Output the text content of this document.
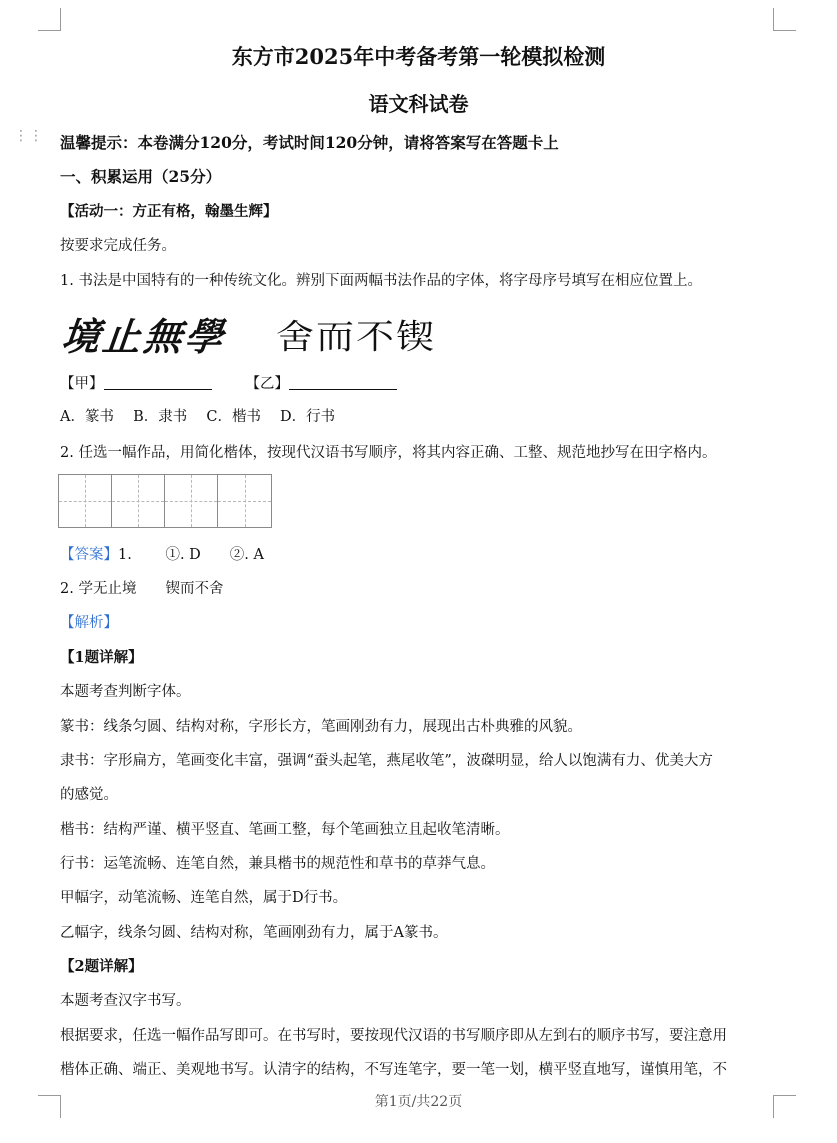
⋮⋮
东方市2025年中考备考第一轮模拟检测
语文科试卷
温馨提示：本卷满分120分，考试时间120分钟，请将答案写在答题卡上
一、积累运用（25分）
【活动一：方正有格，翰墨生辉】
按要求完成任务。
1. 书法是中国特有的一种传统文化。辨别下面两幅书法作品的字体，将字母序号填写在相应位置上。
境止無學 舍而不锲
【甲】	【乙】
A．篆书　 B．隶书　 C．楷书　 D．行书
2. 任选一幅作品，用简化楷体，按现代汉语书写顺序，将其内容正确、工整、规范地抄写在田字格内。
【答案】1.　　 ①. D　　②. A
2. 学无止境　　锲而不舍
【解析】
【1题详解】
本题考查判断字体。
篆书：线条匀圆、结构对称，字形长方，笔画刚劲有力，展现出古朴典雅的风貌。
隶书：字形扁方，笔画变化丰富，强调“蚕头起笔，燕尾收笔”，波磔明显，给人以饱满有力、优美大方
的感觉。
楷书：结构严谨、横平竖直、笔画工整，每个笔画独立且起收笔清晰。
行书：运笔流畅、连笔自然，兼具楷书的规范性和草书的草莽气息。
甲幅字，动笔流畅、连笔自然，属于D行书。
乙幅字，线条匀圆、结构对称，笔画刚劲有力，属于A篆书。
【2题详解】
本题考查汉字书写。
根据要求，任选一幅作品写即可。在书写时，要按现代汉语的书写顺序即从左到右的顺序书写，要注意用
楷体正确、端正、美观地书写。认清字的结构，不写连笔字，要一笔一划，横平竖直地写，谨慎用笔，不
第1页/共22页
